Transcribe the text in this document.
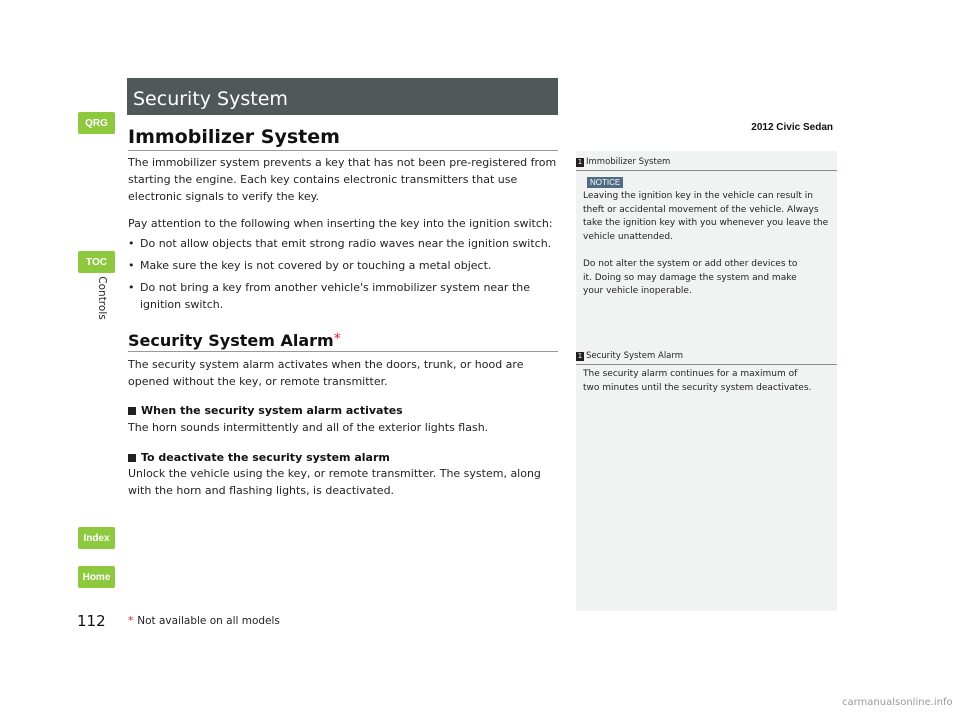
QRG
TOC
Controls
Index
Home
Security System
2012 Civic Sedan
Immobilizer System
The immobilizer system prevents a key that has not been pre-registered from starting the engine. Each key contains electronic transmitters that use electronic signals to verify the key.
Pay attention to the following when inserting the key into the ignition switch:
• Do not allow objects that emit strong radio waves near the ignition switch.
• Make sure the key is not covered by or touching a metal object.
• Do not bring a key from another vehicle's immobilizer system near the ignition switch.
Security System Alarm*
The security system alarm activates when the doors, trunk, or hood are opened without the key, or remote transmitter.
When the security system alarm activates
The horn sounds intermittently and all of the exterior lights flash.
To deactivate the security system alarm
Unlock the vehicle using the key, or remote transmitter. The system, along with the horn and flashing lights, is deactivated.
1 Immobilizer System
NOTICE
Leaving the ignition key in the vehicle can result in theft or accidental movement of the vehicle. Always take the ignition key with you whenever you leave the vehicle unattended.
Do not alter the system or add other devices to it. Doing so may damage the system and make your vehicle inoperable.
1 Security System Alarm
The security alarm continues for a maximum of two minutes until the security system deactivates.
112 * Not available on all models
carmanualsonline.info
